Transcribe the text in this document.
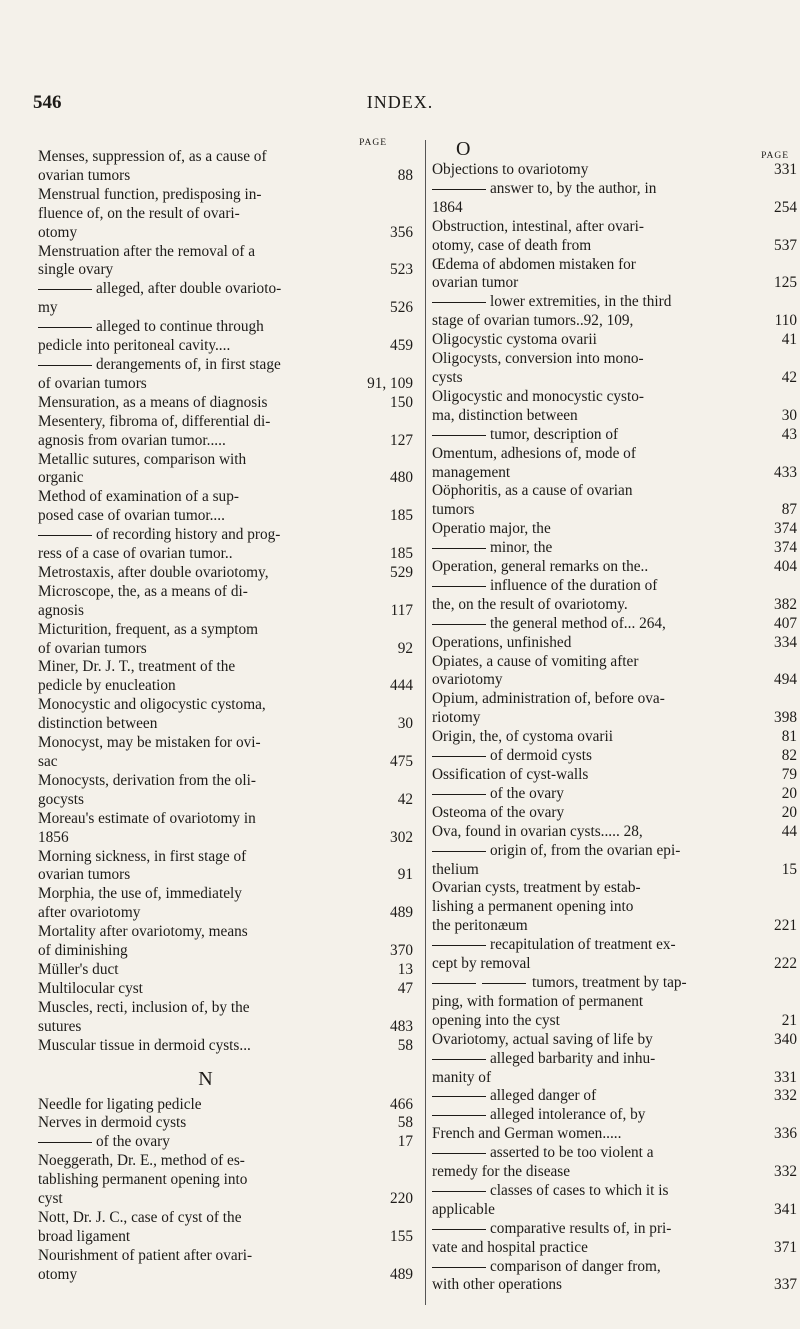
546	INDEX.
PAGE
Menses, suppression of, as a cause of
ovarian tumors	88
Menstrual function, predisposing in-
fluence of, on the result of ovari-
otomy	356
Menstruation after the removal of a
single ovary	523
alleged, after double ovarioto-
my	526
alleged to continue through
pedicle into peritoneal cavity....	459
derangements of, in first stage
of ovarian tumors	91, 109
Mensuration, as a means of diagnosis	150
Mesentery, fibroma of, differential di-
agnosis from ovarian tumor.....	127
Metallic sutures, comparison with
organic	480
Method of examination of a sup-
posed case of ovarian tumor....	185
of recording history and prog-
ress of a case of ovarian tumor..	185
Metrostaxis, after double ovariotomy,	529
Microscope, the, as a means of di-
agnosis	117
Micturition, frequent, as a symptom
of ovarian tumors	92
Miner, Dr. J. T., treatment of the
pedicle by enucleation	444
Monocystic and oligocystic cystoma,
distinction between	30
Monocyst, may be mistaken for ovi-
sac	475
Monocysts, derivation from the oli-
gocysts	42
Moreau's estimate of ovariotomy in
1856	302
Morning sickness, in first stage of
ovarian tumors	91
Morphia, the use of, immediately
after ovariotomy	489
Mortality after ovariotomy, means
of diminishing	370
Müller's duct	13
Multilocular cyst	47
Muscles, recti, inclusion of, by the
sutures	483
Muscular tissue in dermoid cysts...	58
N
Needle for ligating pedicle	466
Nerves in dermoid cysts	58
of the ovary	17
Noeggerath, Dr. E., method of es-
tablishing permanent opening into
cyst	220
Nott, Dr. J. C., case of cyst of the
broad ligament	155
Nourishment of patient after ovari-
otomy	489
O	PAGE
Objections to ovariotomy	331
answer to, by the author, in
1864	254
Obstruction, intestinal, after ovari-
otomy, case of death from	537
Œdema of abdomen mistaken for
ovarian tumor	125
lower extremities, in the third
stage of ovarian tumors..92, 109,	110
Oligocystic cystoma ovarii	41
Oligocysts, conversion into mono-
cysts	42
Oligocystic and monocystic cysto-
ma, distinction between	30
tumor, description of	43
Omentum, adhesions of, mode of
management	433
Oöphoritis, as a cause of ovarian
tumors	87
Operatio major, the	374
minor, the	374
Operation, general remarks on the..	404
influence of the duration of
the, on the result of ovariotomy.	382
the general method of... 264,	407
Operations, unfinished	334
Opiates, a cause of vomiting after
ovariotomy	494
Opium, administration of, before ova-
riotomy	398
Origin, the, of cystoma ovarii	81
of dermoid cysts	82
Ossification of cyst-walls	79
of the ovary	20
Osteoma of the ovary	20
Ova, found in ovarian cysts..... 28,	44
origin of, from the ovarian epi-
thelium	15
Ovarian cysts, treatment by estab-
lishing a permanent opening into
the peritonæum	221
recapitulation of treatment ex-
cept by removal	222
tumors, treatment by tap-
ping, with formation of permanent
opening into the cyst	21
Ovariotomy, actual saving of life by	340
alleged barbarity and inhu-
manity of	331
alleged danger of	332
alleged intolerance of, by
French and German women.....	336
asserted to be too violent a
remedy for the disease	332
classes of cases to which it is
applicable	341
comparative results of, in pri-
vate and hospital practice	371
comparison of danger from,
with other operations	337
